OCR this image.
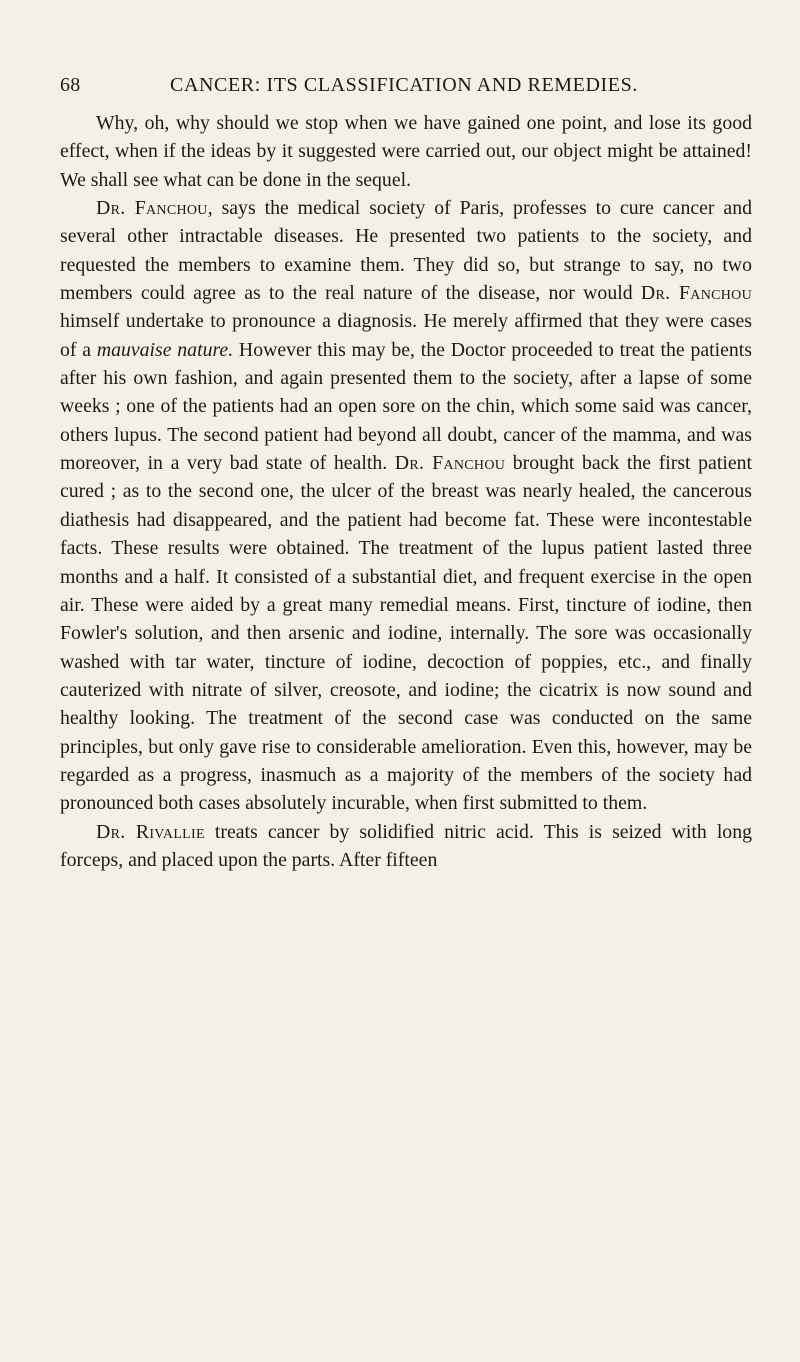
68	CANCER: ITS CLASSIFICATION AND REMEDIES.

Why, oh, why should we stop when we have gained one point, and lose its good effect, when if the ideas by it suggested were carried out, our object might be attained! We shall see what can be done in the sequel.

Dr. Fanchou, says the medical society of Paris, professes to cure cancer and several other intractable diseases. He presented two patients to the society, and requested the members to examine them. They did so, but strange to say, no two members could agree as to the real nature of the disease, nor would Dr. Fanchou himself undertake to pronounce a diagnosis. He merely affirmed that they were cases of a mauvaise nature. However this may be, the Doctor proceeded to treat the patients after his own fashion, and again presented them to the society, after a lapse of some weeks ; one of the patients had an open sore on the chin, which some said was cancer, others lupus. The second patient had beyond all doubt, cancer of the mamma, and was moreover, in a very bad state of health. Dr. Fanchou brought back the first patient cured ; as to the second one, the ulcer of the breast was nearly healed, the cancerous diathesis had disappeared, and the patient had become fat. These were incontestable facts. These results were obtained. The treatment of the lupus patient lasted three months and a half. It consisted of a substantial diet, and frequent exercise in the open air. These were aided by a great many remedial means. First, tincture of iodine, then Fowler's solution, and then arsenic and iodine, internally. The sore was occasionally washed with tar water, tincture of iodine, decoction of poppies, etc., and finally cauterized with nitrate of silver, creosote, and iodine; the cicatrix is now sound and healthy looking. The treatment of the second case was conducted on the same principles, but only gave rise to considerable amelioration. Even this, however, may be regarded as a progress, inasmuch as a majority of the members of the society had pronounced both cases absolutely incurable, when first submitted to them.

Dr. Rivallie treats cancer by solidified nitric acid. This is seized with long forceps, and placed upon the parts. After fifteen
